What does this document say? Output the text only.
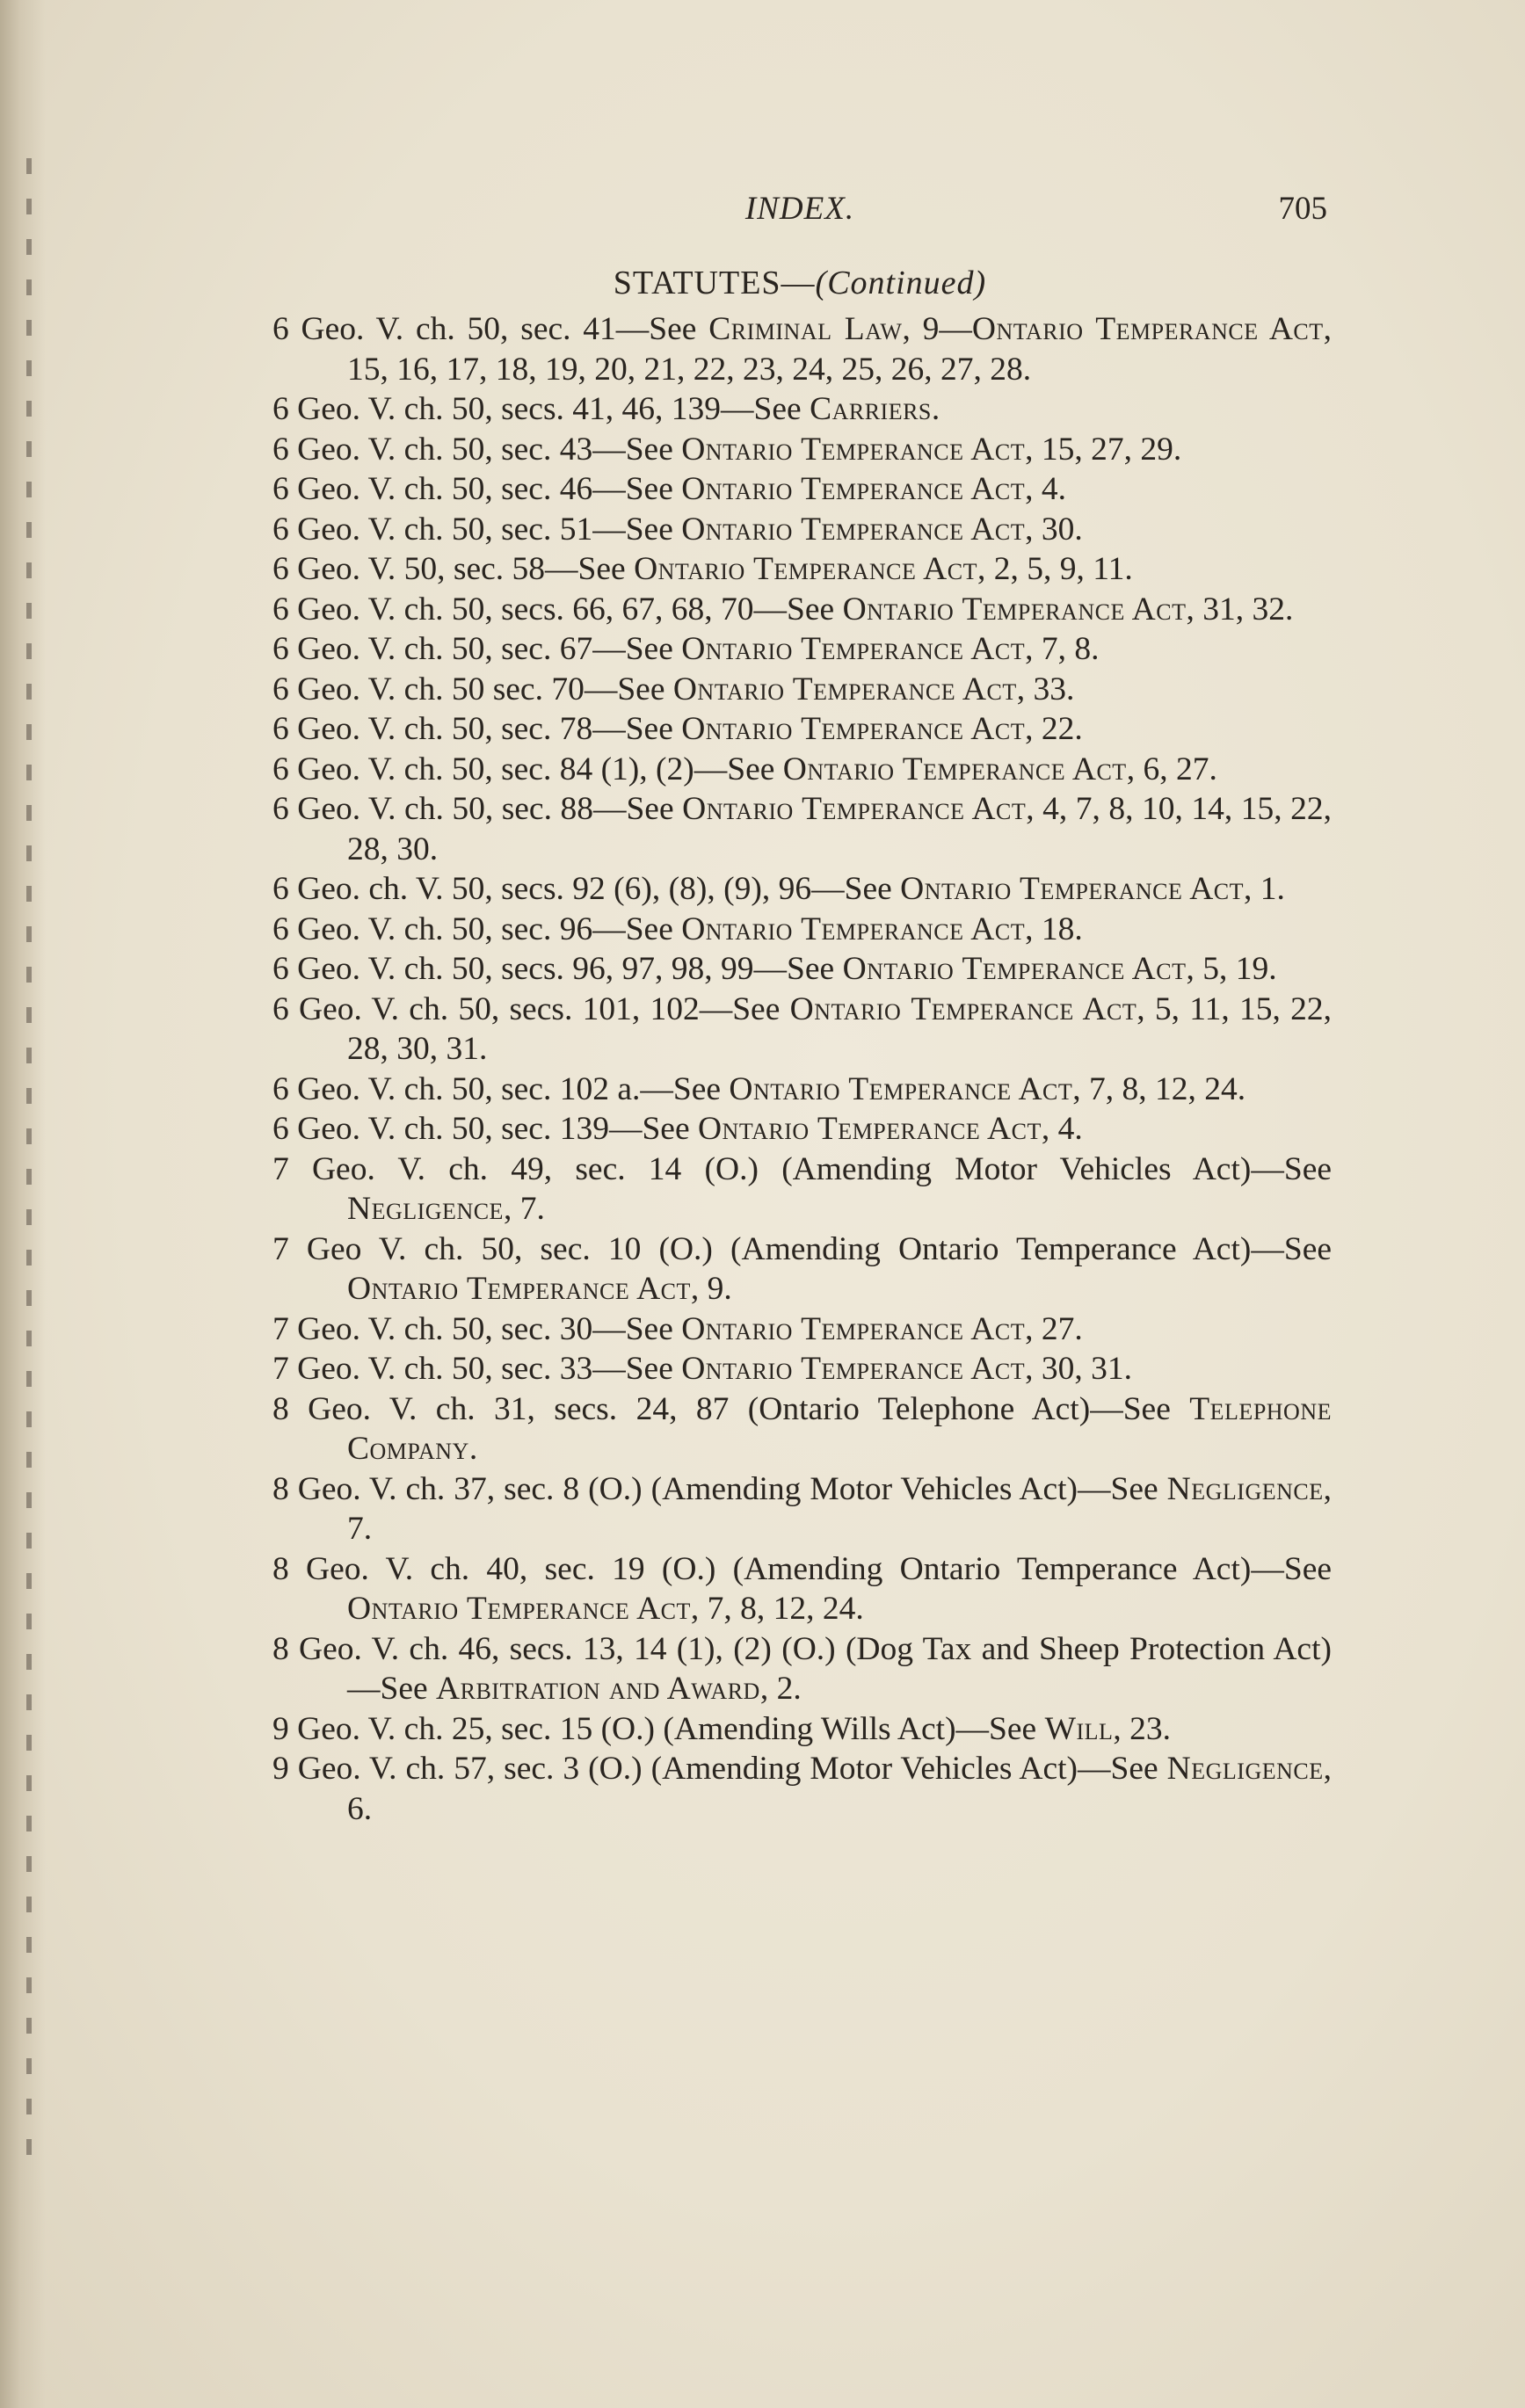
INDEX.	705
STATUTES—(Continued)

6 Geo. V. ch. 50, sec. 41—See Criminal Law, 9—Ontario Temperance Act, 15, 16, 17, 18, 19, 20, 21, 22, 23, 24, 25, 26, 27, 28.

6 Geo. V. ch. 50, secs. 41, 46, 139—See Carriers.

6 Geo. V. ch. 50, sec. 43—See Ontario Temperance Act, 15, 27, 29.

6 Geo. V. ch. 50, sec. 46—See Ontario Temperance Act, 4.

6 Geo. V. ch. 50, sec. 51—See Ontario Temperance Act, 30.

6 Geo. V. 50, sec. 58—See Ontario Temperance Act, 2, 5, 9, 11.

6 Geo. V. ch. 50, secs. 66, 67, 68, 70—See Ontario Temperance Act, 31, 32.

6 Geo. V. ch. 50, sec. 67—See Ontario Temperance Act, 7, 8.

6 Geo. V. ch. 50 sec. 70—See Ontario Temperance Act, 33.

6 Geo. V. ch. 50, sec. 78—See Ontario Temperance Act, 22.

6 Geo. V. ch. 50, sec. 84 (1), (2)—See Ontario Temperance Act, 6, 27.

6 Geo. V. ch. 50, sec. 88—See Ontario Temperance Act, 4, 7, 8, 10, 14, 15, 22, 28, 30.

6 Geo. ch. V. 50, secs. 92 (6), (8), (9), 96—See Ontario Temperance Act, 1.

6 Geo. V. ch. 50, sec. 96—See Ontario Temperance Act, 18.

6 Geo. V. ch. 50, secs. 96, 97, 98, 99—See Ontario Temperance Act, 5, 19.

6 Geo. V. ch. 50, secs. 101, 102—See Ontario Temperance Act, 5, 11, 15, 22, 28, 30, 31.

6 Geo. V. ch. 50, sec. 102 a.—See Ontario Temperance Act, 7, 8, 12, 24.

6 Geo. V. ch. 50, sec. 139—See Ontario Temperance Act, 4.

7 Geo. V. ch. 49, sec. 14 (O.) (Amending Motor Vehicles Act)—See Negligence, 7.

7 Geo V. ch. 50, sec. 10 (O.) (Amending Ontario Temperance Act)—See Ontario Temperance Act, 9.

7 Geo. V. ch. 50, sec. 30—See Ontario Temperance Act, 27.

7 Geo. V. ch. 50, sec. 33—See Ontario Temperance Act, 30, 31.

8 Geo. V. ch. 31, secs. 24, 87 (Ontario Telephone Act)—See Telephone Company.

8 Geo. V. ch. 37, sec. 8 (O.) (Amending Motor Vehicles Act)—See Negligence, 7.

8 Geo. V. ch. 40, sec. 19 (O.) (Amending Ontario Temperance Act)—See Ontario Temperance Act, 7, 8, 12, 24.

8 Geo. V. ch. 46, secs. 13, 14 (1), (2) (O.) (Dog Tax and Sheep Protection Act)—See Arbitration and Award, 2.

9 Geo. V. ch. 25, sec. 15 (O.) (Amending Wills Act)—See Will, 23.

9 Geo. V. ch. 57, sec. 3 (O.) (Amending Motor Vehicles Act)—See Negligence, 6.
